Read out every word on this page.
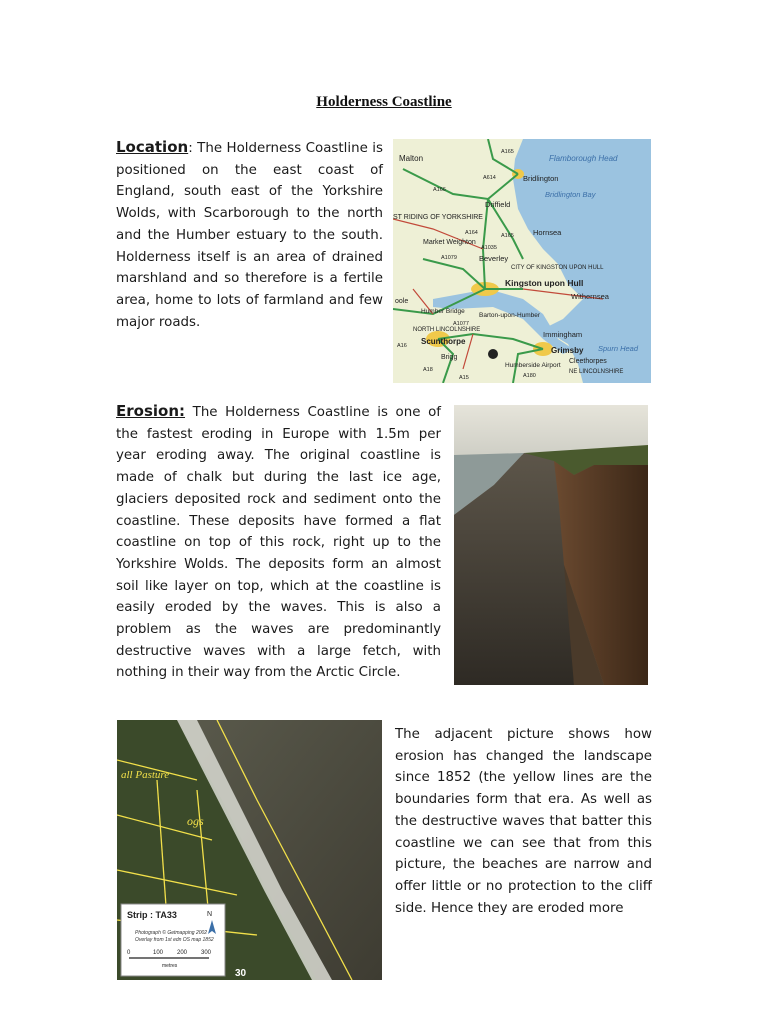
Holderness Coastline
Location: The Holderness Coastline is positioned on the east coast of England, south east of the Yorkshire Wolds, with Scarborough to the north and the Humber estuary to the south. Holderness itself is an area of drained marshland and so therefore is a fertile area, home to lots of farmland and few major roads.
Malton	Flamborough Head
Bridlington
Bridlington Bay
Driffield
ST RIDING OF YORKSHIRE
Hornsea
Market Weighton
Beverley
CITY OF KINGSTON UPON HULL
Kingston upon Hull
Withernsea
oole
Humber Bridge
Barton-upon-Humber
NORTH LINCOLNSHIRE
Scunthorpe
Immingham
Grimsby Spurn Head
Brigg
Humberside Airport
Cleethorpes
NE LINCOLNSHIRE
A165
A614
A166
A164
A1079
A1035
A165
A1077
A18
A16
A15	A180
+
Erosion: The Holderness Coastline is one of the fastest eroding in Europe with 1.5m per year eroding away. The original coastline is made of chalk but during the last ice age, glaciers deposited rock and sediment onto the coastline. These deposits have formed a flat coastline on top of this rock, right up to the Yorkshire Wolds. The deposits form an almost soil like layer on top, which at the coastline is easily eroded by the waves. This is also a problem as the waves are predominantly destructive waves with a large fetch, with nothing in their way from the Arctic Circle.
all Pasture
ogs
Strip : TA33	N
Photograph © Getmapping 2002
Overlay from 1st edn OS map 1852
0	100 200 300
metres
30
The adjacent picture shows how erosion has changed the landscape since 1852 (the yellow lines are the boundaries form that era. As well as the destructive waves that batter this coastline we can see that from this picture, the beaches are narrow and offer little or no protection to the cliff side. Hence they are eroded more
